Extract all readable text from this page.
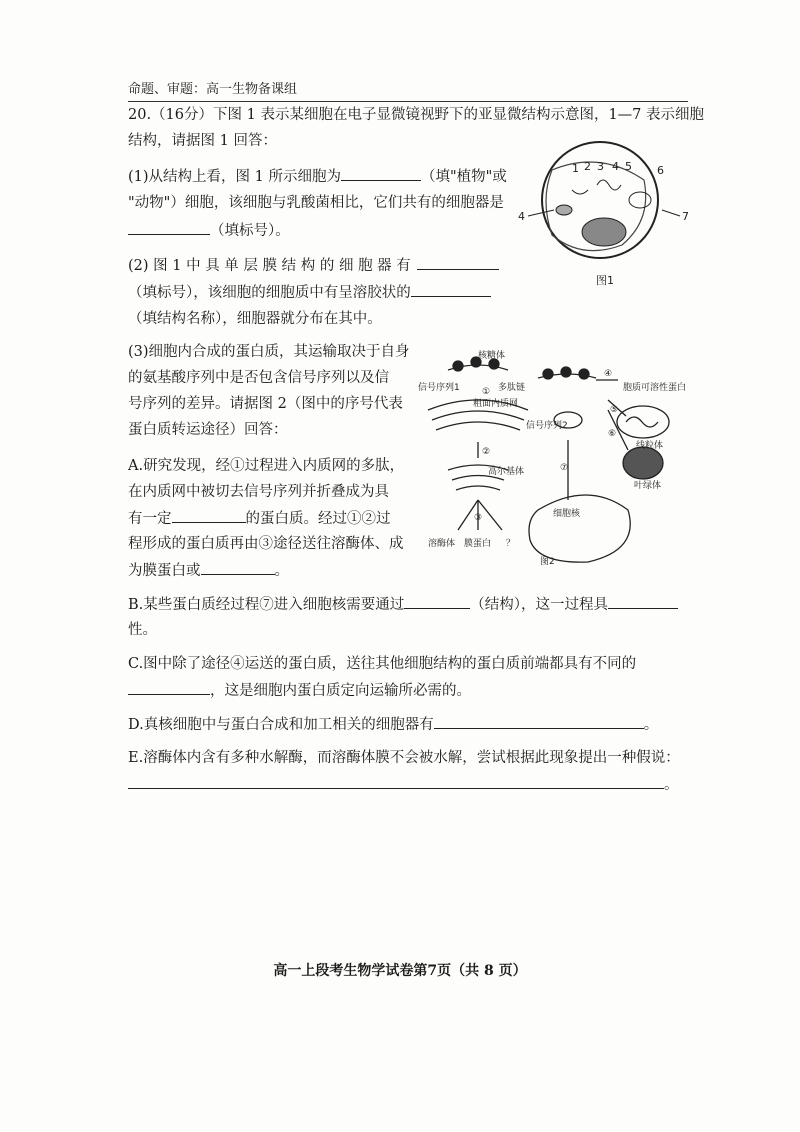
命题、审题：高一生物备课组
20.（16分）下图 1 表示某细胞在电子显微镜视野下的亚显微结构示意图，1—7 表示细胞
结构，请据图 1 回答：
(1)从结构上看，图 1 所示细胞为	（填"植物"或
"动物"）细胞，该细胞与乳酸菌相比，它们共有的细胞器是
（填标号）。
1 2 3 4 5 6
4	7
图1
(2) 图 1 中 具 单 层 膜 结 构 的 细 胞 器 有
（填标号），该细胞的细胞质中有呈溶胶状的
（填结构名称），细胞器就分布在其中。
(3)细胞内合成的蛋白质，其运输取决于自身
的氨基酸序列中是否包含信号序列以及信
号序列的差异。请据图 2（图中的序号代表
蛋白质转运途径）回答：
A.研究发现，经①过程进入内质网的多肽，
在内质网中被切去信号序列并折叠成为具
有一定	的蛋白质。经过①②过
程形成的蛋白质再由③途径送往溶酶体、成
为膜蛋白或	。
核糖体
信号序列1	多肽链
粗面内质网
信号序列2
胞质可溶性蛋白
高尔基体
线粒体
叶绿体
细胞核
溶酶体 膜蛋白 ？
图2
①
②
③
④
⑤
⑥
⑦
B.某些蛋白质经过程⑦进入细胞核需要通过	（结构），这一过程具
性。
C.图中除了途径④运送的蛋白质，送往其他细胞结构的蛋白质前端都具有不同的
，这是细胞内蛋白质定向运输所必需的。
D.真核细胞中与蛋白合成和加工相关的细胞器有	。
E.溶酶体内含有多种水解酶，而溶酶体膜不会被水解，尝试根据此现象提出一种假说：
。
高一上段考生物学试卷第7页（共 8 页）
